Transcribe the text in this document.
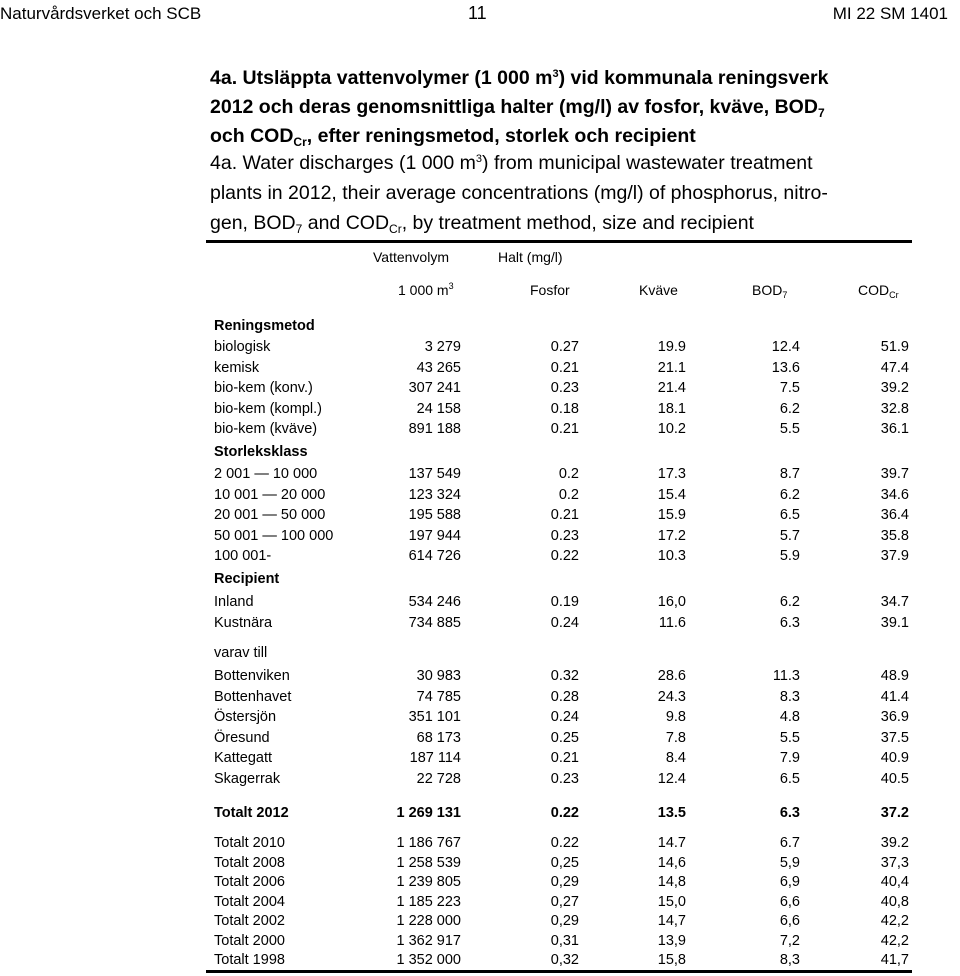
Naturvårdsverket och SCB	11	MI 22 SM 1401
4a. Utsläppta vattenvolymer (1 000 $m^3$) vid kommunala reningsverk
2012 och deras genomsnittliga halter (mg/l) av fosfor, kväve, $BOD_7$
och $COD_{Cr}$, efter reningsmetod, storlek och recipient
4a. Water discharges (1 000 $m^3$) from municipal wastewater treatment
plants in 2012, their average concentrations (mg/l) of phosphorus, nitro-
gen, $BOD_7$ and $COD_{Cr}$, by treatment method, size and recipient
Vattenvolym	Halt (mg/l)
1 000 $m^3$	Fosfor	Kväve	$BOD_7$	$COD_{Cr}$
Reningsmetod
biologisk	3 279	0.27	19.9	12.4	51.9
kemisk	43 265	0.21	21.1	13.6	47.4
bio-kem (konv.)	307 241	0.23	21.4	7.5	39.2
bio-kem (kompl.)	24 158	0.18	18.1	6.2	32.8
bio-kem (kväve)	891 188	0.21	10.2	5.5	36.1
Storleksklass
2 001 — 10 000	137 549	0.2	17.3	8.7	39.7
10 001 — 20 000	123 324	0.2	15.4	6.2	34.6
20 001 — 50 000	195 588	0.21	15.9	6.5	36.4
50 001 — 100 000	197 944	0.23	17.2	5.7	35.8
100 001-	614 726	0.22	10.3	5.9	37.9
Recipient
Inland	534 246	0.19	16,0	6.2	34.7
Kustnära	734 885	0.24	11.6	6.3	39.1
varav till
Bottenviken	30 983	0.32	28.6	11.3	48.9
Bottenhavet	74 785	0.28	24.3	8.3	41.4
Östersjön	351 101	0.24	9.8	4.8	36.9
Öresund	68 173	0.25	7.8	5.5	37.5
Kattegatt	187 114	0.21	8.4	7.9	40.9
Skagerrak	22 728	0.23	12.4	6.5	40.5
Totalt 2012	1 269 131	0.22	13.5	6.3	37.2
Totalt 2010	1 186 767	0.22	14.7	6.7	39.2
Totalt 2008	1 258 539	0,25	14,6	5,9	37,3
Totalt 2006	1 239 805	0,29	14,8	6,9	40,4
Totalt 2004	1 185 223	0,27	15,0	6,6	40,8
Totalt 2002	1 228 000	0,29	14,7	6,6	42,2
Totalt 2000	1 362 917	0,31	13,9	7,2	42,2
Totalt 1998	1 352 000	0,32	15,8	8,3	41,7
